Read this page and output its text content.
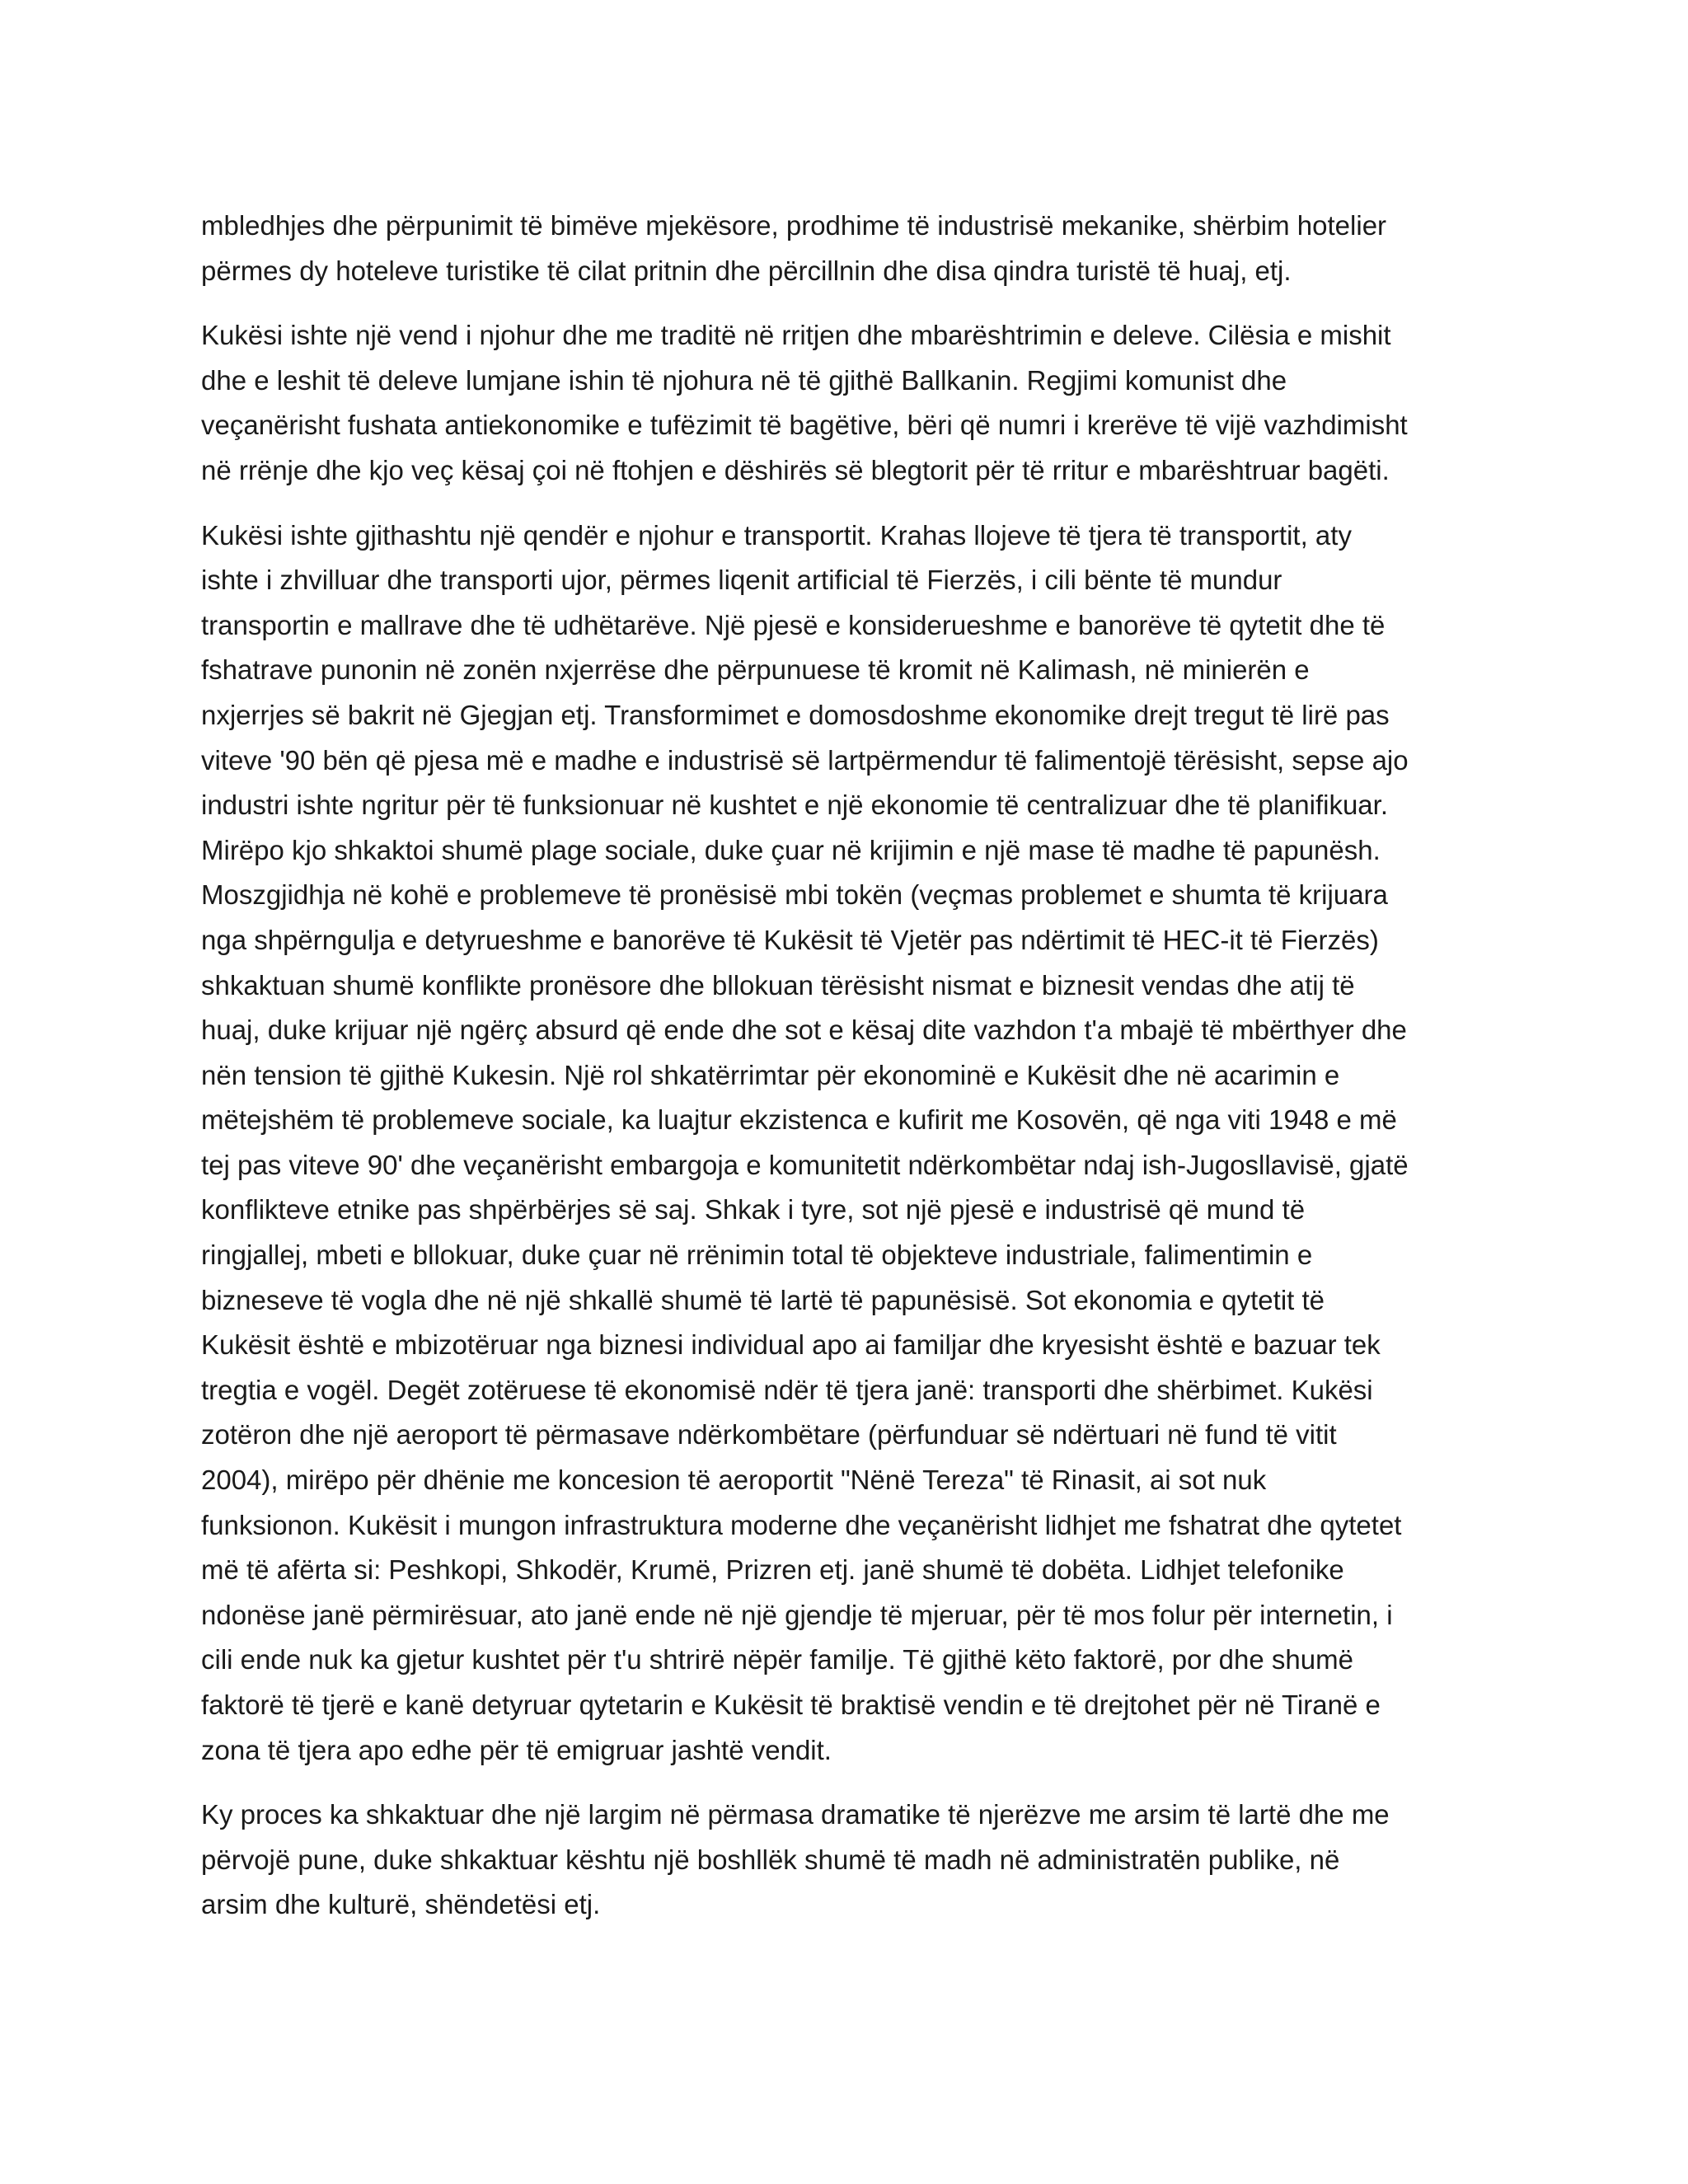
mbledhjes dhe përpunimit të bimëve mjekësore, prodhime të industrisë mekanike, shërbim hotelier
përmes dy hoteleve turistike të cilat pritnin dhe përcillnin dhe disa qindra turistë të huaj, etj.
Kukësi ishte një vend i njohur dhe me traditë në rritjen dhe mbarështrimin e deleve. Cilësia e mishit
dhe e leshit të deleve lumjane ishin të njohura në të gjithë Ballkanin. Regjimi komunist dhe
veçanërisht fushata antiekonomike e tufëzimit të bagëtive, bëri që numri i krerëve të vijë vazhdimisht
në rrënje dhe kjo veç kësaj çoi në ftohjen e dëshirës së blegtorit për të rritur e mbarështruar bagëti.
Kukësi ishte gjithashtu një qendër e njohur e transportit. Krahas llojeve të tjera të transportit, aty
ishte i zhvilluar dhe transporti ujor, përmes liqenit artificial të Fierzës, i cili bënte të mundur
transportin e mallrave dhe të udhëtarëve. Një pjesë e konsiderueshme e banorëve të qytetit dhe të
fshatrave punonin në zonën nxjerrëse dhe përpunuese të kromit në Kalimash, në minierën e
nxjerrjes së bakrit në Gjegjan etj. Transformimet e domosdoshme ekonomike drejt tregut të lirë pas
viteve '90 bën që pjesa më e madhe e industrisë së lartpërmendur të falimentojë tërësisht, sepse ajo
industri ishte ngritur për të funksionuar në kushtet e një ekonomie të centralizuar dhe të planifikuar.
Mirëpo kjo shkaktoi shumë plage sociale, duke çuar në krijimin e një mase të madhe të papunësh.
Moszgjidhja në kohë e problemeve të pronësisë mbi tokën (veçmas problemet e shumta të krijuara
nga shpërngulja e detyrueshme e banorëve të Kukësit të Vjetër pas ndërtimit të HEC-it të Fierzës)
shkaktuan shumë konflikte pronësore dhe bllokuan tërësisht nismat e biznesit vendas dhe atij të
huaj, duke krijuar një ngërç absurd që ende dhe sot e kësaj dite vazhdon t'a mbajë të mbërthyer dhe
nën tension të gjithë Kukesin. Një rol shkatërrimtar për ekonominë e Kukësit dhe në acarimin e
mëtejshëm të problemeve sociale, ka luajtur ekzistenca e kufirit me Kosovën, që nga viti 1948 e më
tej pas viteve 90' dhe veçanërisht embargoja e komunitetit ndërkombëtar ndaj ish-Jugosllavisë, gjatë
konflikteve etnike pas shpërbërjes së saj. Shkak i tyre, sot një pjesë e industrisë që mund të
ringjallej, mbeti e bllokuar, duke çuar në rrënimin total të objekteve industriale, falimentimin e
bizneseve të vogla dhe në një shkallë shumë të lartë të papunësisë. Sot ekonomia e qytetit të
Kukësit është e mbizotëruar nga biznesi individual apo ai familjar dhe kryesisht është e bazuar tek
tregtia e vogël. Degët zotëruese të ekonomisë ndër të tjera janë: transporti dhe shërbimet. Kukësi
zotëron dhe një aeroport të përmasave ndërkombëtare (përfunduar së ndërtuari në fund të vitit
2004), mirëpo për dhënie me koncesion të aeroportit "Nënë Tereza" të Rinasit, ai sot nuk
funksionon. Kukësit i mungon infrastruktura moderne dhe veçanërisht lidhjet me fshatrat dhe qytetet
më të afërta si: Peshkopi, Shkodër, Krumë, Prizren etj. janë shumë të dobëta. Lidhjet telefonike
ndonëse janë përmirësuar, ato janë ende në një gjendje të mjeruar, për të mos folur për internetin, i
cili ende nuk ka gjetur kushtet për t'u shtrirë nëpër familje. Të gjithë këto faktorë, por dhe shumë
faktorë të tjerë e kanë detyruar qytetarin e Kukësit të braktisë vendin e të drejtohet për në Tiranë e
zona të tjera apo edhe për të emigruar jashtë vendit.
Ky proces ka shkaktuar dhe një largim në përmasa dramatike të njerëzve me arsim të lartë dhe me
përvojë pune, duke shkaktuar kështu një boshllëk shumë të madh në administratën publike, në
arsim dhe kulturë, shëndetësi etj.
